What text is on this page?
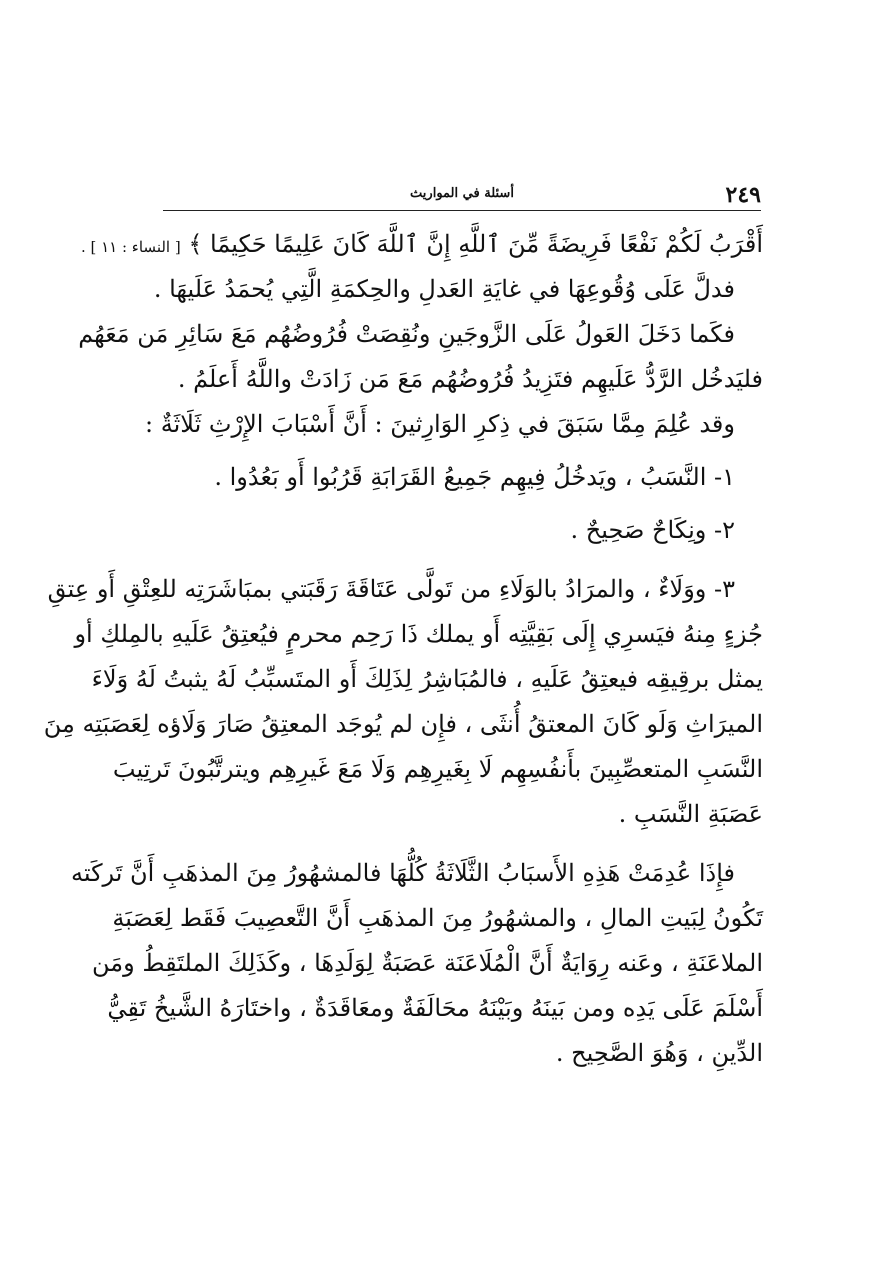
٢٤٩
أسئلة في المواريث
أَقْرَبُ لَكُمْ نَفْعًا فَرِيضَةً مِّنَ ٱللَّهِ إِنَّ ٱللَّهَ كَانَ عَلِيمًا حَكِيمًا ﴾ [ النساء : ١١ ] .
فدلَّ عَلَى وُقُوعِهَا في غايَةِ العَدلِ والحِكمَةِ الَّتِي يُحمَدُ عَلَيهَا .
فكَما دَخَلَ العَولُ عَلَى الزَّوجَينِ ونُقِصَتْ فُرُوضُهُم مَعَ سَائِرِ مَن مَعَهُم
فليَدخُل الرَّدُّ عَلَيهِم فتَزِيدُ فُرُوضُهُم مَعَ مَن زَادَتْ واللَّهُ أَعلَمُ .
وقد عُلِمَ مِمَّا سَبَقَ في ذِكرِ الوَارِثينَ : أَنَّ أَسْبَابَ الإِرْثِ ثَلَاثَةٌ :
١- النَّسَبُ ، ويَدخُلُ فِيهِم جَمِيعُ القَرَابَةِ قَرُبُوا أَو بَعُدُوا .
٢- ونِكَاحٌ صَحِيحٌ .
٣- ووَلَاءٌ ، والمرَادُ بالوَلَاءِ من تَولَّى عَتَاقَةَ رَقَبَتي بمبَاشَرَتِه للعِتْقِ أَو عِتقِ
جُزءٍ مِنهُ فيَسرِي إِلَى بَقِيَّتِه أَو يملك ذَا رَحِم محرمٍ فيُعتِقُ عَلَيهِ بالمِلكِ أو
يمثل برقِيقِه فيعتِقُ عَلَيهِ ، فالمُبَاشِرُ لِذَلِكَ أَو المتَسبِّبُ لَهُ يثبتُ لَهُ وَلَاءَ
الميرَاثِ وَلَو كَانَ المعتقُ أُنثَى ، فإِن لم يُوجَد المعتِقُ صَارَ وَلَاؤه لِعَصَبَتِه مِنَ
النَّسَبِ المتعصِّبِينَ بأَنفُسِهِم لَا بِغَيرِهِم وَلَا مَعَ غَيرِهِم ويترتَّبُونَ تَرتِيبَ
عَصَبَةِ النَّسَبِ .
فإِذَا عُدِمَتْ هَذِهِ الأَسبَابُ الثَّلَاثَةُ كُلُّهَا فالمشهُورُ مِنَ المذهَبِ أَنَّ تَركَته
تَكُونُ لِبَيتِ المالِ ، والمشهُورُ مِنَ المذهَبِ أَنَّ التَّعصِيبَ فَقَط لِعَصَبَةِ
الملاعَنَةِ ، وعَنه رِوَايَةٌ أَنَّ الْمُلَاعَنَة عَصَبَةٌ لِوَلَدِهَا ، وكَذَلِكَ الملتَقِطُ ومَن
أَسْلَمَ عَلَى يَدِه ومن بَينَهُ وبَيْنَهُ محَالَفَةٌ ومعَاقَدَةٌ ، واختَارَهُ الشَّيخُ تَقِيُّ
الدِّينِ ، وَهُوَ الصَّحِيح .
